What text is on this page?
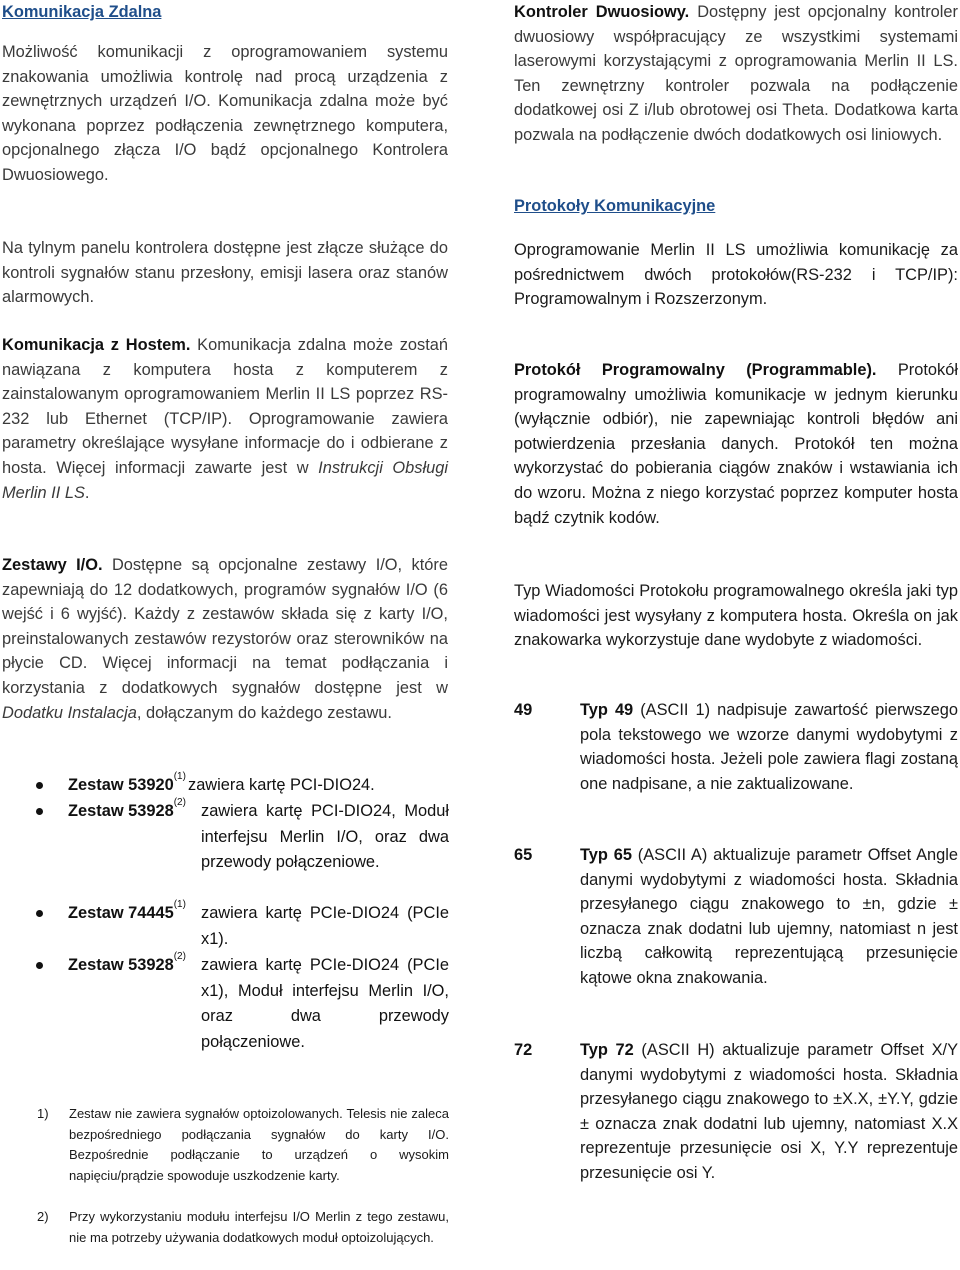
Komunikacja Zdalna

Możliwość komunikacji z oprogramowaniem systemu znakowania umożliwia kontrolę nad procą urządzenia z zewnętrznych urządzeń I/O. Komunikacja zdalna może być wykonana poprzez podłączenia zewnętrznego komputera, opcjonalnego złącza I/O bądź opcjonalnego Kontrolera Dwuosiowego.

Na tylnym panelu kontrolera dostępne jest złącze służące do kontroli sygnałów stanu przesłony, emisji lasera oraz stanów alarmowych.

Komunikacja z Hostem. Komunikacja zdalna może zostań nawiązana z komputera hosta z komputerem z zainstalowanym oprogramowaniem Merlin II LS poprzez RS-232 lub Ethernet (TCP/IP). Oprogramowanie zawiera parametry określające wysyłane informacje do i odbierane z hosta. Więcej informacji zawarte jest w Instrukcji Obsługi Merlin II LS.

Zestawy I/O. Dostępne są opcjonalne zestawy I/O, które zapewniają do 12 dodatkowych, programów sygnałów I/O (6 wejść i 6 wyjść). Każdy z zestawów składa się z karty I/O, preinstalowanych zestawów rezystorów oraz sterowników na płycie CD. Więcej informacji na temat podłączania i korzystania z dodatkowych sygnałów dostępne jest w Dodatku Instalacja, dołączanym do każdego zestawu.

Zestaw 53920$^{(1)}$ zawiera kartę PCI-DIO24.
Zestaw 53928$^{(2)}$ zawiera kartę PCI-DIO24, Moduł interfejsu Merlin I/O, oraz dwa przewody połączeniowe.
Zestaw 74445$^{(1)}$ zawiera kartę PCIe-DIO24 (PCIe x1).
Zestaw 53928$^{(2)}$ zawiera kartę PCIe-DIO24 (PCIe x1), Moduł interfejsu Merlin I/O, oraz dwa przewody połączeniowe.
1) Zestaw nie zawiera sygnałów optoizolowanych. Telesis nie zaleca bezpośredniego podłączania sygnałów do karty I/O. Bezpośrednie podłączanie to urządzeń o wysokim napięciu/prądzie spowoduje uszkodzenie karty.
2) Przy wykorzystaniu modułu interfejsu I/O Merlin z tego zestawu, nie ma potrzeby używania dodatkowych moduł optoizolujących.

Kontroler Dwuosiowy. Dostępny jest opcjonalny kontroler dwuosiowy współpracujący ze wszystkimi systemami laserowymi korzystającymi z oprogramowania Merlin II LS. Ten zewnętrzny kontroler pozwala na podłączenie dodatkowej osi Z i/lub obrotowej osi Theta. Dodatkowa karta pozwala na podłączenie dwóch dodatkowych osi liniowych.

Protokoły Komunikacyjne

Oprogramowanie Merlin II LS umożliwia komunikację za pośrednictwem dwóch protokołów(RS-232 i TCP/IP): Programowalnym i Rozszerzonym.

Protokół Programowalny (Programmable). Protokół programowalny umożliwia komunikacje w jednym kierunku (wyłącznie odbiór), nie zapewniając kontroli błędów ani potwierdzenia przesłania danych. Protokół ten można wykorzystać do pobierania ciągów znaków i wstawiania ich do wzoru. Można z niego korzystać poprzez komputer hosta bądź czytnik kodów.

Typ Wiadomości Protokołu programowalnego określa jaki typ wiadomości jest wysyłany z komputera hosta. Określa on jak znakowarka wykorzystuje dane wydobyte z wiadomości.

49	Typ 49 (ASCII 1) nadpisuje zawartość pierwszego pola tekstowego we wzorze danymi wydobytymi z wiadomości hosta. Jeżeli pole zawiera flagi zostaną one nadpisane, a nie zaktualizowane.
65	Typ 65 (ASCII A) aktualizuje parametr Offset Angle danymi wydobytymi z wiadomości hosta. Składnia przesyłanego ciągu znakowego to ±n, gdzie ± oznacza znak dodatni lub ujemny, natomiast n jest liczbą całkowitą reprezentującą przesunięcie kątowe okna znakowania.
72	Typ 72 (ASCII H) aktualizuje parametr Offset X/Y danymi wydobytymi z wiadomości hosta. Składnia przesyłanego ciągu znakowego to ±X.X, ±Y.Y, gdzie ± oznacza znak dodatni lub ujemny, natomiast X.X reprezentuje przesunięcie osi X, Y.Y reprezentuje przesunięcie osi Y.
